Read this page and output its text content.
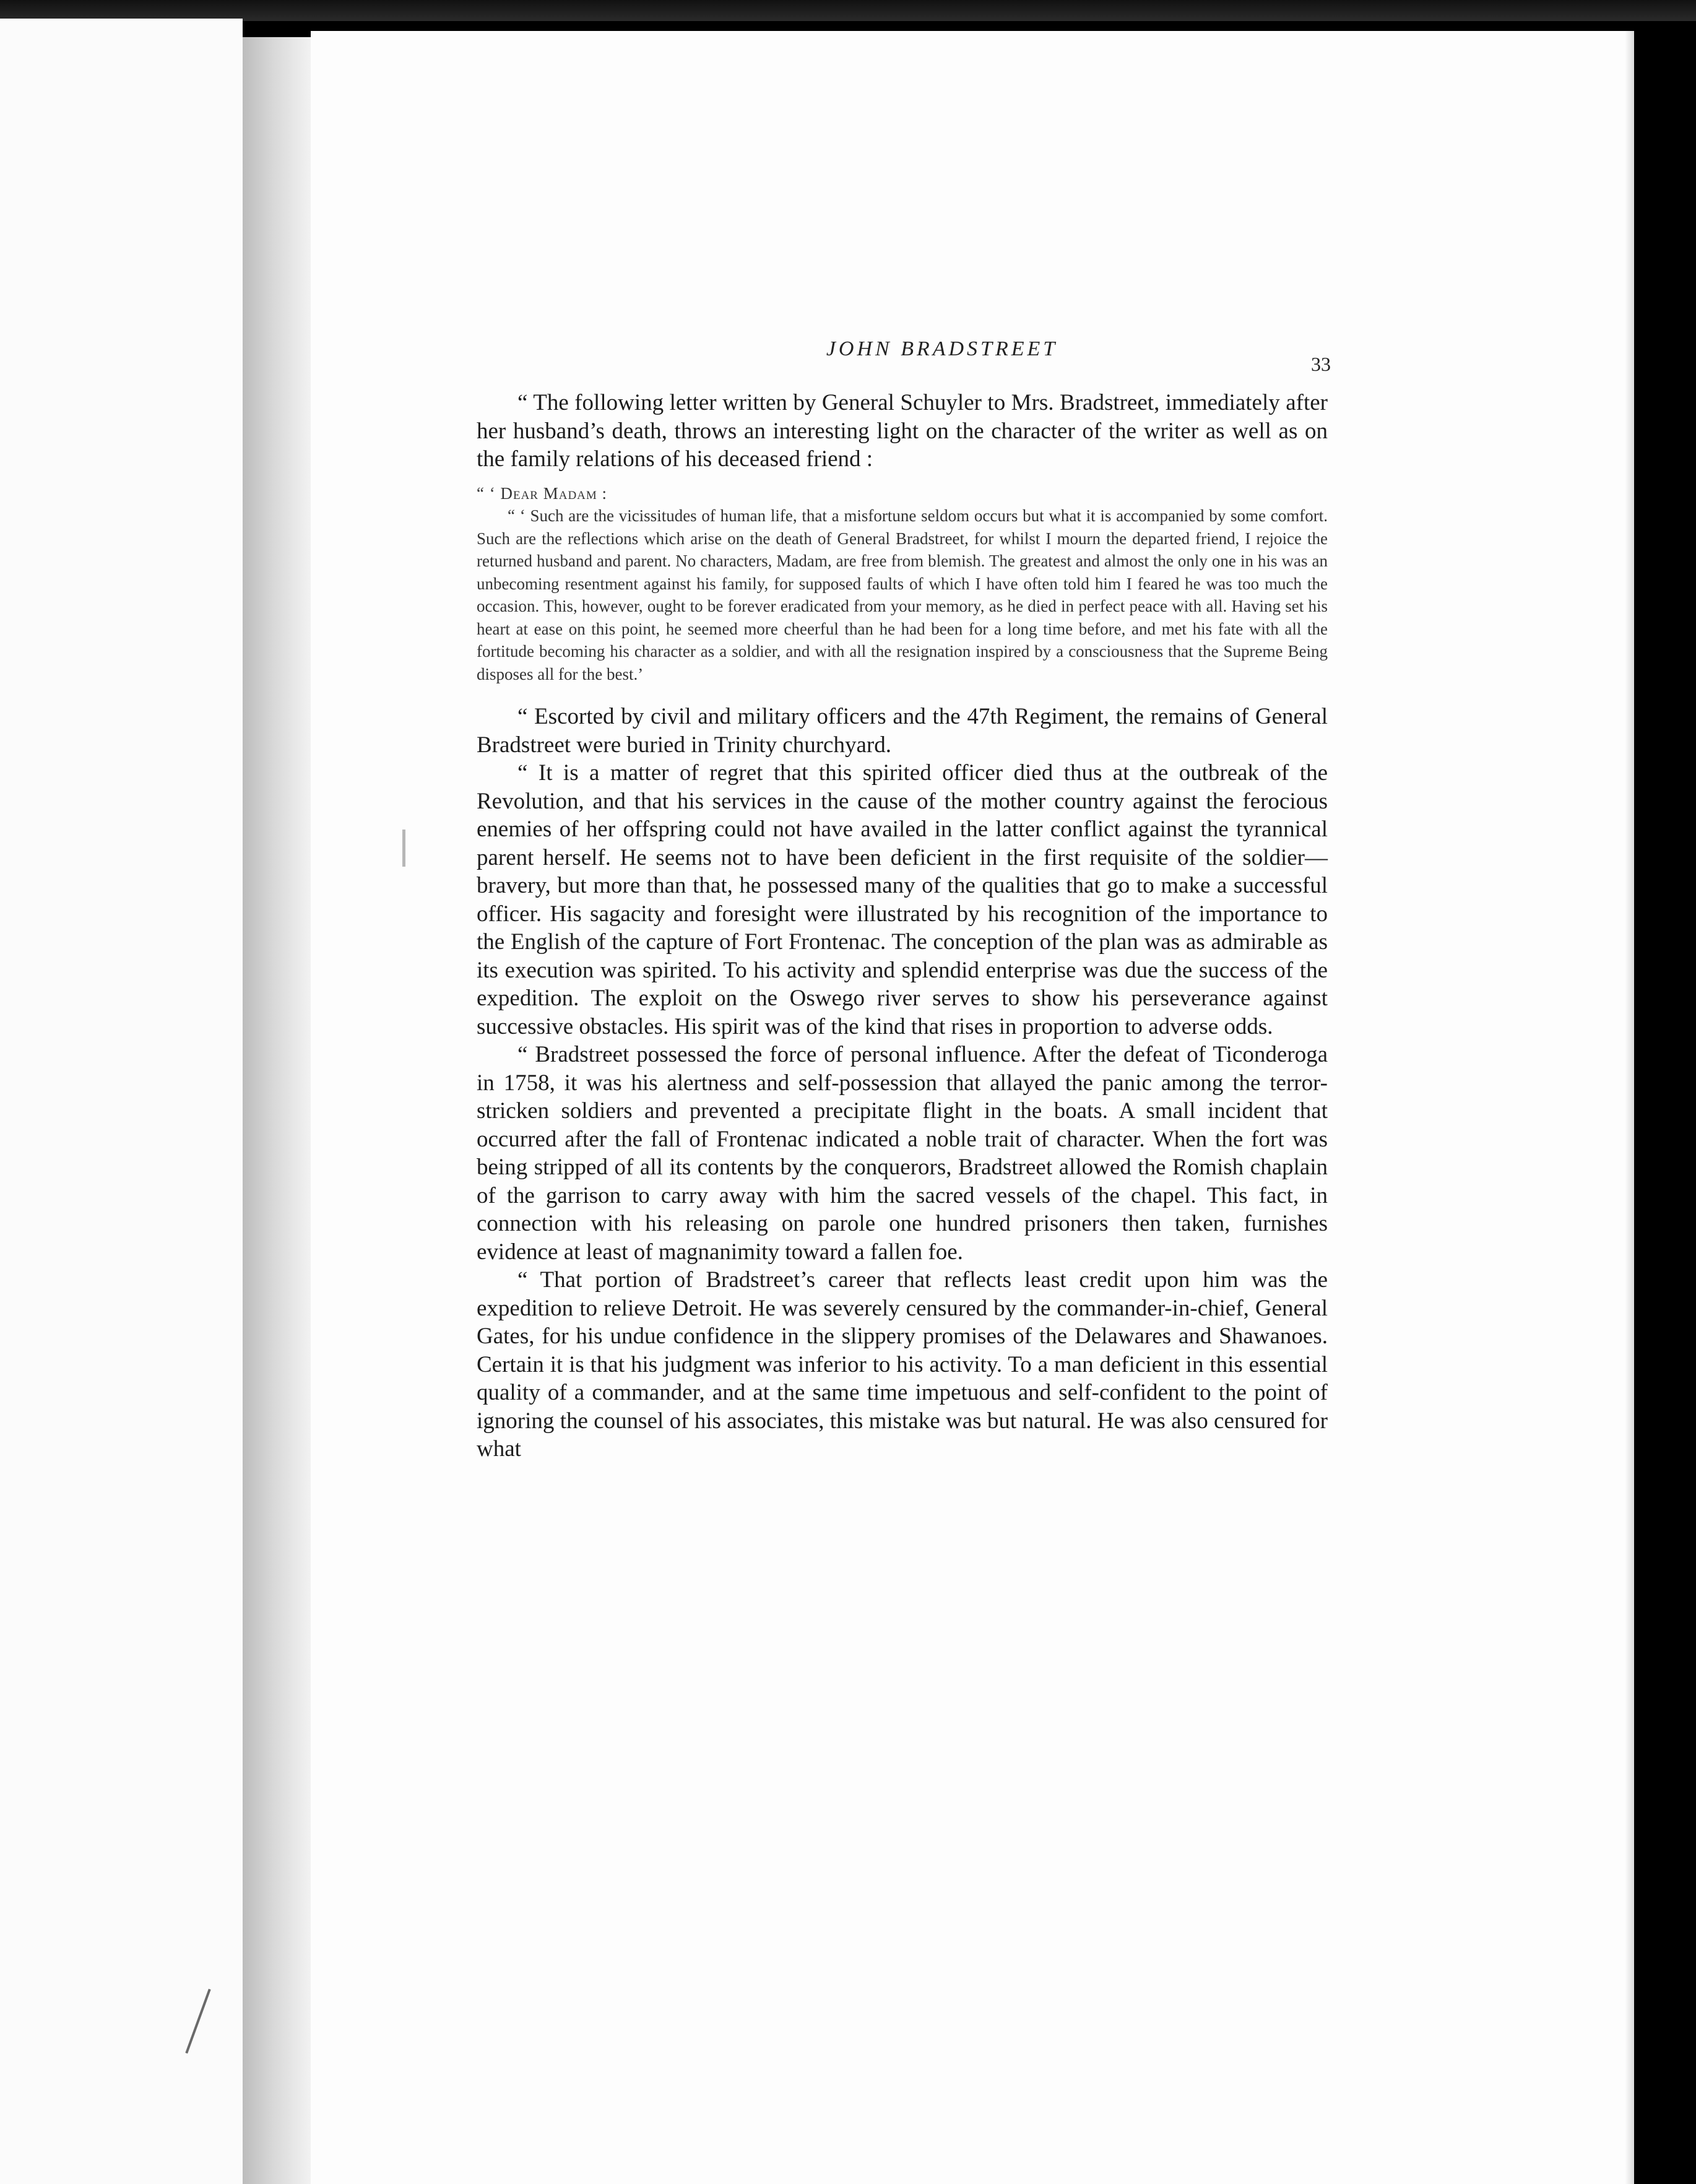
JOHN BRADSTREET
33

“ The following letter written by General Schuyler to Mrs. Bradstreet, immediately after her husband’s death, throws an interesting light on the character of the writer as well as on the family relations of his deceased friend :

“ ‘ Dear Madam :

“ ‘ Such are the vicissitudes of human life, that a misfortune seldom occurs but what it is accompanied by some comfort. Such are the reflections which arise on the death of General Bradstreet, for whilst I mourn the departed friend, I rejoice the returned husband and parent. No characters, Madam, are free from blemish. The greatest and almost the only one in his was an unbecoming resentment against his family, for supposed faults of which I have often told him I feared he was too much the occasion. This, however, ought to be forever eradicated from your memory, as he died in perfect peace with all. Having set his heart at ease on this point, he seemed more cheerful than he had been for a long time before, and met his fate with all the fortitude becoming his character as a soldier, and with all the resignation inspired by a consciousness that the Supreme Being disposes all for the best.’

“ Escorted by civil and military officers and the 47th Regiment, the remains of General Bradstreet were buried in Trinity churchyard.

“ It is a matter of regret that this spirited officer died thus at the outbreak of the Revolution, and that his services in the cause of the mother country against the ferocious enemies of her offspring could not have availed in the latter conflict against the tyrannical parent herself. He seems not to have been deficient in the first requisite of the soldier—bravery, but more than that, he possessed many of the qualities that go to make a successful officer. His sagacity and foresight were illustrated by his recognition of the importance to the English of the capture of Fort Frontenac. The conception of the plan was as admirable as its execution was spirited. To his activity and splendid enterprise was due the success of the expedition. The exploit on the Oswego river serves to show his perseverance against successive obstacles. His spirit was of the kind that rises in proportion to adverse odds.

“ Bradstreet possessed the force of personal influence. After the defeat of Ticonderoga in 1758, it was his alertness and self-possession that allayed the panic among the terror-stricken soldiers and prevented a precipitate flight in the boats. A small incident that occurred after the fall of Frontenac indicated a noble trait of character. When the fort was being stripped of all its contents by the conquerors, Bradstreet allowed the Romish chaplain of the garrison to carry away with him the sacred vessels of the chapel. This fact, in connection with his releasing on parole one hundred prisoners then taken, furnishes evidence at least of magnanimity toward a fallen foe.

“ That portion of Bradstreet’s career that reflects least credit upon him was the expedition to relieve Detroit. He was severely censured by the commander-in-chief, General Gates, for his undue confidence in the slippery promises of the Delawares and Shawanoes. Certain it is that his judgment was inferior to his activity. To a man deficient in this essential quality of a commander, and at the same time impetuous and self-confident to the point of ignoring the counsel of his associates, this mistake was but natural. He was also censured for what
